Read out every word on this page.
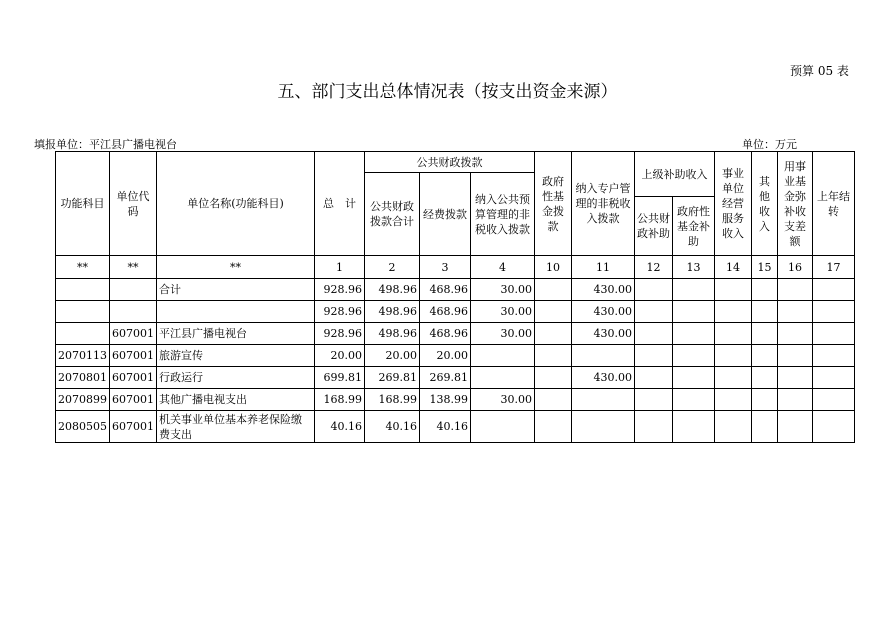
预算 05 表
五、部门支出总体情况表（按支出资金来源）
填报单位：平江县广播电视台	单位：万元
功能科目	单位代码	单位名称(功能科目)	总　计	公共财政拨款			政府性基金拨款	纳入专户管理的非税收入拨款	上级补助收入		事业单位经营服务收入	其他收入	用事业基金弥补收支差额	上年结转
				公共财政拨款合计	经费拨款	纳入公共预算管理的非税收入拨款								
									公共财政补助	政府性基金补助				
**	**	**	1	2	3	4	10	11	12	13	14	15	16	17
		合计	928.96	498.96	468.96	30.00		430.00						
			928.96	498.96	468.96	30.00		430.00						
	607001	平江县广播电视台	928.96	498.96	468.96	30.00		430.00						
2070113	607001	旅游宣传	20.00	20.00	20.00									
2070801	607001	行政运行	699.81	269.81	269.81			430.00						
2070899	607001	其他广播电视支出	168.99	168.99	138.99	30.00								
2080505	607001	机关事业单位基本养老保险缴费支出	40.16	40.16	40.16									
